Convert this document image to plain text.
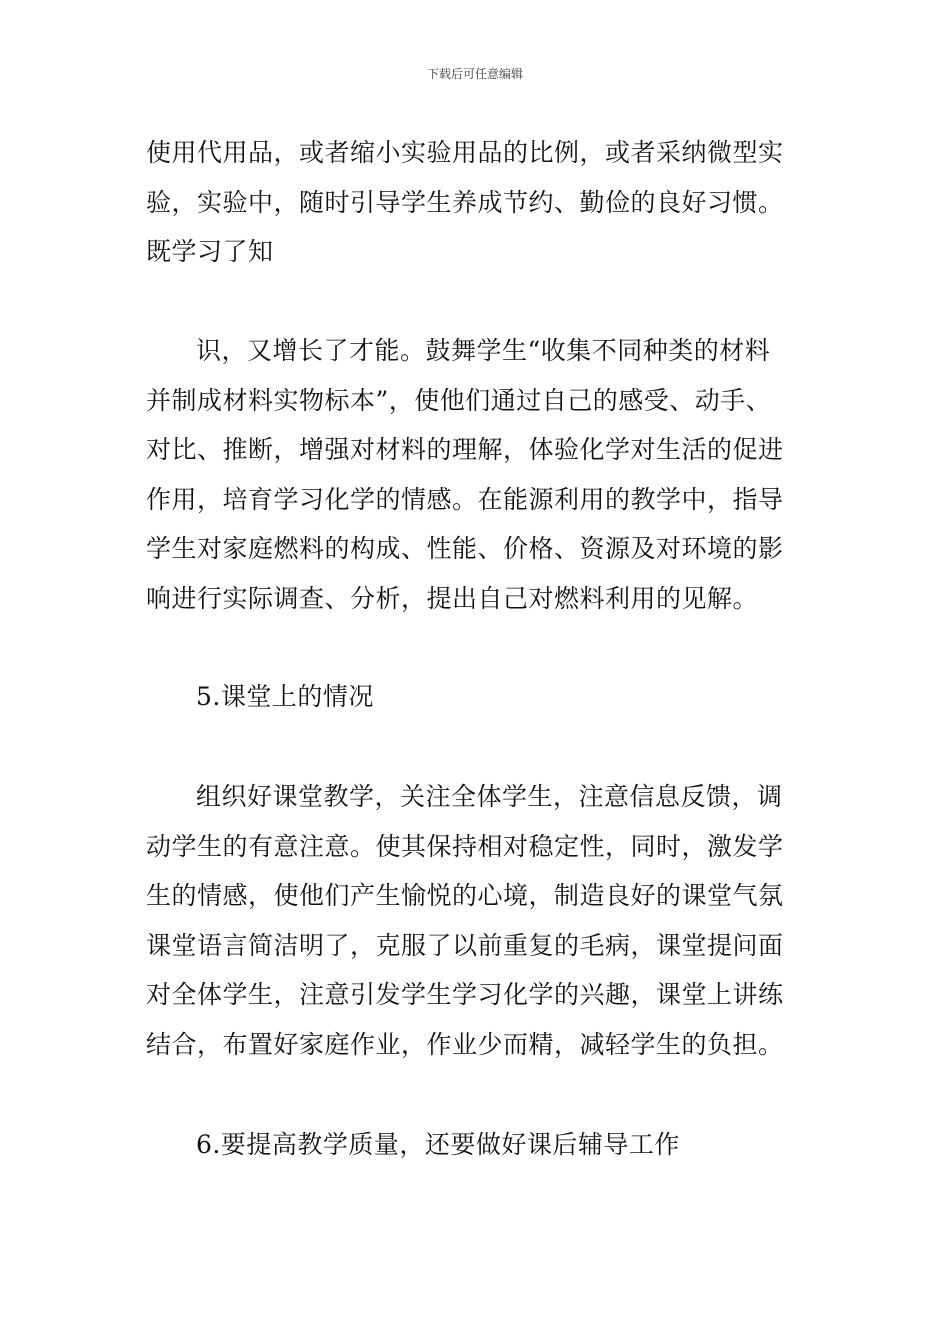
下载后可任意编辑

使用代用品，或者缩小实验用品的比例，或者采纳微型实
验，实验中，随时引导学生养成节约、勤俭的良好习惯。
既学习了知

识，又增长了才能。鼓舞学生“收集不同种类的材料
并制成材料实物标本”，使他们通过自己的感受、动手、
对比、推断，增强对材料的理解，体验化学对生活的促进
作用，培育学习化学的情感。在能源利用的教学中，指导
学生对家庭燃料的构成、性能、价格、资源及对环境的影
响进行实际调查、分析，提出自己对燃料利用的见解。

5.课堂上的情况

组织好课堂教学，关注全体学生，注意信息反馈，调
动学生的有意注意。使其保持相对稳定性，同时，激发学
生的情感，使他们产生愉悦的心境，制造良好的课堂气氛
课堂语言简洁明了，克服了以前重复的毛病，课堂提问面
对全体学生，注意引发学生学习化学的兴趣，课堂上讲练
结合，布置好家庭作业，作业少而精，减轻学生的负担。

6.要提高教学质量，还要做好课后辅导工作
